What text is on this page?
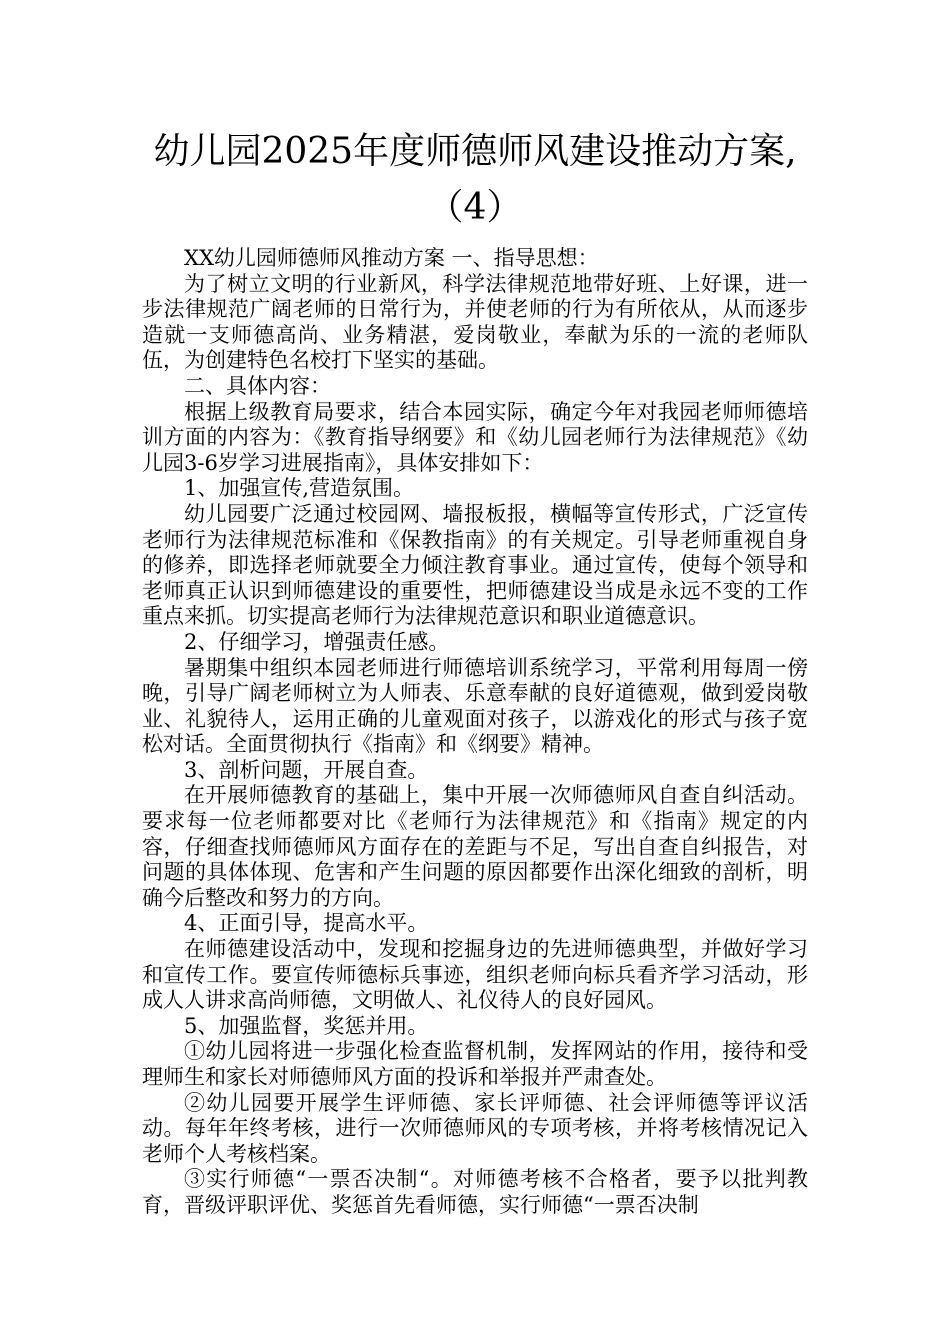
幼儿园2025年度师德师风建设推动方案,
（4）

XX幼儿园师德师风推动方案 一、指导思想：

为了树立文明的行业新风，科学法律规范地带好班、上好课，进一步法律规范广阔老师的日常行为，并使老师的行为有所依从，从而逐步造就一支师德高尚、业务精湛，爱岗敬业，奉献为乐的一流的老师队伍，为创建特色名校打下坚实的基础。

二、具体内容：

根据上级教育局要求，结合本园实际，确定今年对我园老师师德培训方面的内容为：《教育指导纲要》和《幼儿园老师行为法律规范》《幼儿园3-6岁学习进展指南》，具体安排如下：

1、加强宣传,营造氛围。

幼儿园要广泛通过校园网、墙报板报，横幅等宣传形式，广泛宣传老师行为法律规范标准和《保教指南》的有关规定。引导老师重视自身的修养，即选择老师就要全力倾注教育事业。通过宣传，使每个领导和老师真正认识到师德建设的重要性，把师德建设当成是永远不变的工作重点来抓。切实提高老师行为法律规范意识和职业道德意识。

2、仔细学习，增强责任感。

暑期集中组织本园老师进行师德培训系统学习，平常利用每周一傍晚，引导广阔老师树立为人师表、乐意奉献的良好道德观，做到爱岗敬业、礼貌待人，运用正确的儿童观面对孩子，以游戏化的形式与孩子宽松对话。全面贯彻执行《指南》和《纲要》精神。

3、剖析问题，开展自查。

在开展师德教育的基础上，集中开展一次师德师风自查自纠活动。要求每一位老师都要对比《老师行为法律规范》和《指南》规定的内容，仔细查找师德师风方面存在的差距与不足，写出自查自纠报告，对问题的具体体现、危害和产生问题的原因都要作出深化细致的剖析，明确今后整改和努力的方向。

4、正面引导，提高水平。

在师德建设活动中，发现和挖掘身边的先进师德典型，并做好学习和宣传工作。要宣传师德标兵事迹，组织老师向标兵看齐学习活动，形成人人讲求高尚师德，文明做人、礼仪待人的良好园风。

5、加强监督，奖惩并用。

①幼儿园将进一步强化检查监督机制，发挥网站的作用，接待和受理师生和家长对师德师风方面的投诉和举报并严肃查处。

②幼儿园要开展学生评师德、家长评师德、社会评师德等评议活动。每年年终考核，进行一次师德师风的专项考核，并将考核情况记入老师个人考核档案。

③实行师德“一票否决制“。对师德考核不合格者，要予以批判教育，晋级评职评优、奖惩首先看师德，实行师德“一票否决制
